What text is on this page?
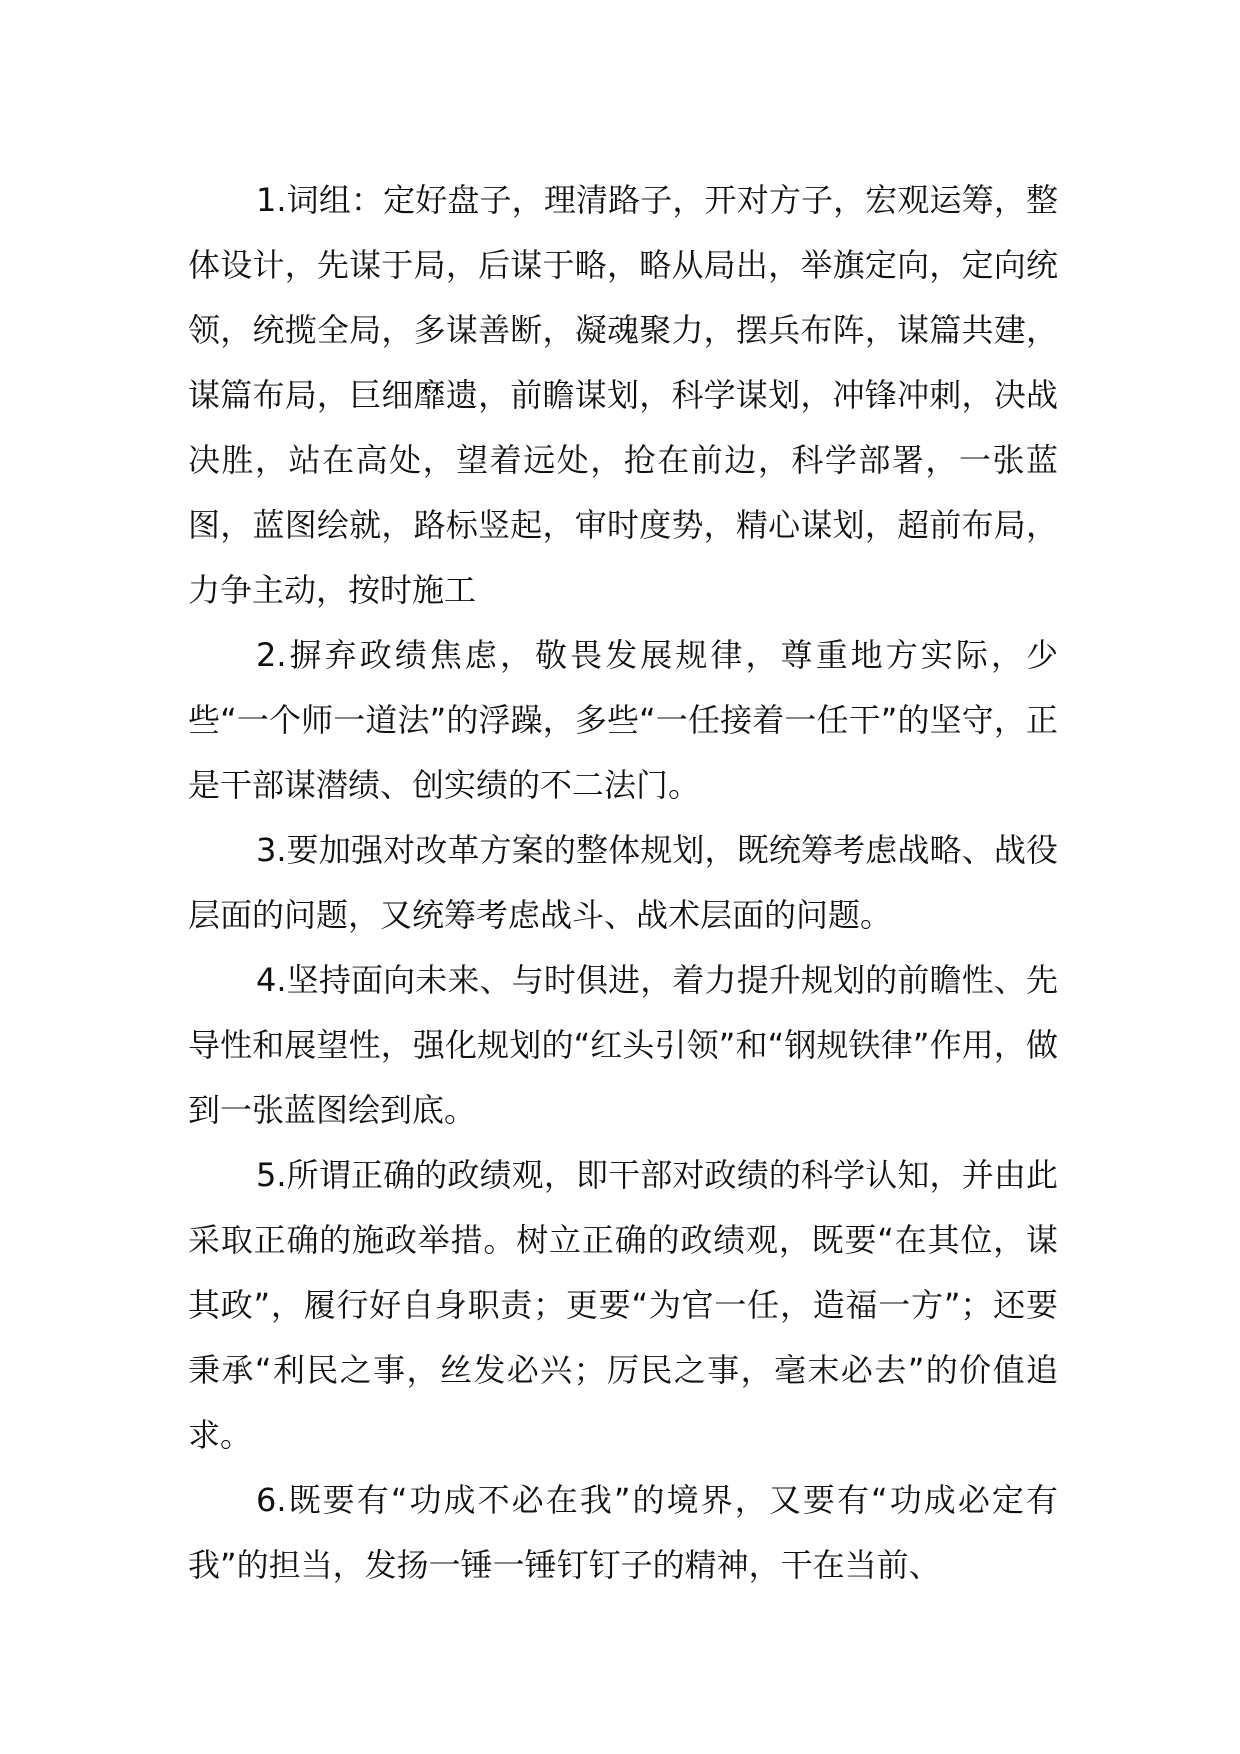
1.词组：定好盘子，理清路子，开对方子，宏观运筹，整体设计，先谋于局，后谋于略，略从局出，举旗定向，定向统领，统揽全局，多谋善断，凝魂聚力，摆兵布阵，谋篇共建，谋篇布局，巨细靡遗，前瞻谋划，科学谋划，冲锋冲刺，决战决胜，站在高处，望着远处，抢在前边，科学部署，一张蓝图，蓝图绘就，路标竖起，审时度势，精心谋划，超前布局，力争主动，按时施工

2.摒弃政绩焦虑，敬畏发展规律，尊重地方实际，少些“一个师一道法”的浮躁，多些“一任接着一任干”的坚守，正是干部谋潜绩、创实绩的不二法门。

3.要加强对改革方案的整体规划，既统筹考虑战略、战役层面的问题，又统筹考虑战斗、战术层面的问题。

4.坚持面向未来、与时俱进，着力提升规划的前瞻性、先导性和展望性，强化规划的“红头引领”和“钢规铁律”作用，做到一张蓝图绘到底。

5.所谓正确的政绩观，即干部对政绩的科学认知，并由此采取正确的施政举措。树立正确的政绩观，既要“在其位，谋其政”，履行好自身职责；更要“为官一任，造福一方”；还要秉承“利民之事，丝发必兴；厉民之事，毫末必去”的价值追求。

6.既要有“功成不必在我”的境界，又要有“功成必定有我”的担当，发扬一锤一锤钉钉子的精神，干在当前、
